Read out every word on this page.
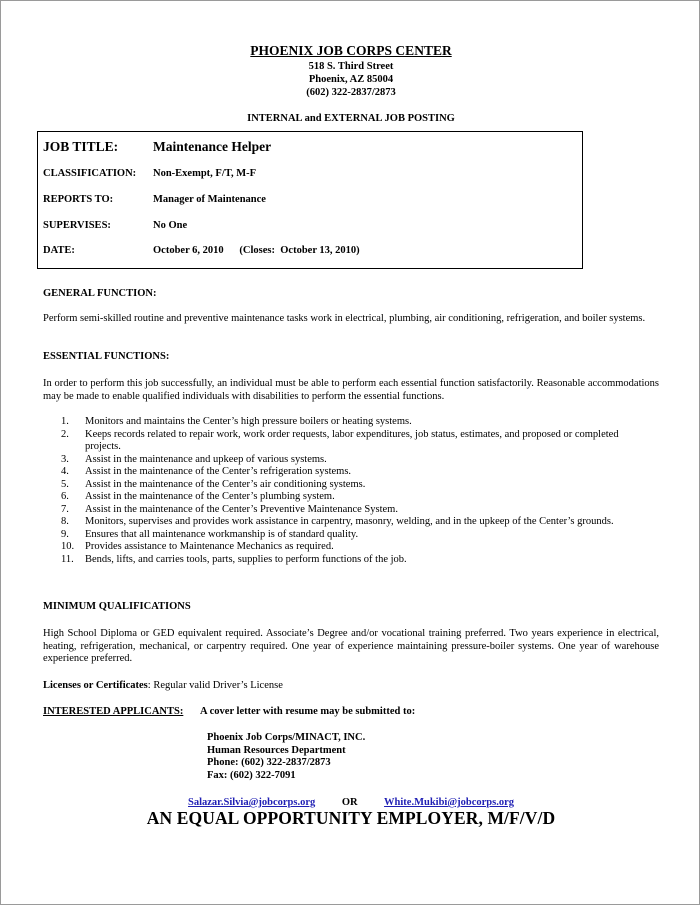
PHOENIX JOB CORPS CENTER
518 S. Third Street
Phoenix, AZ 85004
(602) 322-2837/2873
INTERNAL and EXTERNAL JOB POSTING
JOB TITLE:	Maintenance Helper
CLASSIFICATION: Non-Exempt, F/T, M-F
REPORTS TO:	Manager of Maintenance
SUPERVISES:	No One
DATE:	October 6, 2010      (Closes:  October 13, 2010)
GENERAL FUNCTION:
Perform semi-skilled routine and preventive maintenance tasks work in electrical, plumbing, air conditioning, refrigeration, and boiler systems.
ESSENTIAL FUNCTIONS:
In order to perform this job successfully, an individual must be able to perform each essential function satisfactorily. Reasonable accommodations may be made to enable qualified individuals with disabilities to perform the essential functions.
1.	Monitors and maintains the Center’s high pressure boilers or heating systems.
2.	Keeps records related to repair work, work order requests, labor expenditures, job status, estimates, and proposed or completed projects.
3.	Assist in the maintenance and upkeep of various systems.
4.	Assist in the maintenance of the Center’s refrigeration systems.
5.	Assist in the maintenance of the Center’s air conditioning systems.
6.	Assist in the maintenance of the Center’s plumbing system.
7.	Assist in the maintenance of the Center’s Preventive Maintenance System.
8.	Monitors, supervises and provides work assistance in carpentry, masonry, welding, and in the upkeep of the Center’s grounds.
9.	Ensures that all maintenance workmanship is of standard quality.
10.	Provides assistance to Maintenance Mechanics as required.
11.	Bends, lifts, and carries tools, parts, supplies to perform functions of the job.
MINIMUM QUALIFICATIONS
High School Diploma or GED equivalent required. Associate’s Degree and/or vocational training preferred. Two years experience in electrical, heating, refrigeration, mechanical, or carpentry required. One year of experience maintaining pressure-boiler systems. One year of warehouse experience preferred.
Licenses or Certificates: Regular valid Driver’s License
INTERESTED APPLICANTS: A cover letter with resume may be submitted to:
Phoenix Job Corps/MINACT, INC.
Human Resources Department
Phone: (602) 322-2837/2873
Fax: (602) 322-7091
Salazar.Silvia@jobcorps.org	OR	White.Mukibi@jobcorps.org
AN EQUAL OPPORTUNITY EMPLOYER, M/F/V/D
